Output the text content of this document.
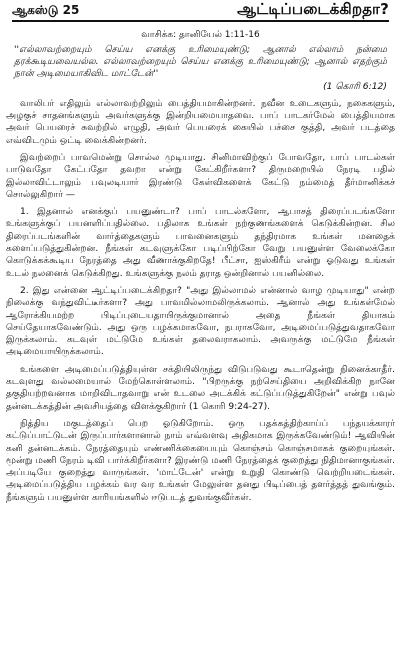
ஆகஸ்டு 25	ஆட்டிப்படைக்கிறதா?
வாசிக்க: தானியேல் 1:11-16
''எல்லாவற்றையும் செய்ய எனக்கு உரிமையுண்டு; ஆனால் எல்லாம் நன்மை தரக்கூடியவையல்ல. எல்லாவற்றையும் செய்ய எனக்கு உரிமையுண்டு; ஆனால் எதற்கும் நான் அடிமையாகிவிட மாட்டேன்''
(1 கொரி 6:12)

வாலிபர் எதிலும் எல்லாவற்றிலும் பைத்தியமாகின்றனர். நவீன உடைகளும், நகைகளும், அழகுச் சாதனங்களும் அவர்களுக்கு இன்றியமையாதவை. பாப் பாடகர்மேல் பைத்தியமாக அவர் பெயரைச் சுவற்றில் எழுதி, அவர் பெயரைக் கையில் பச்சை குத்தி, அவர் படத்தை எவ்விடமும் ஒட்டி வைக்கின்றனர்.

இவற்றைப் பாவமென்று சொல்ல முடியாது. சினிமாவிற்குப் போவதோ, பாப் பாடல்கள் பாடுவதோ கேட்பதோ தவறா என்று கேட்கிறீர்களா? திருமறையில் நேரடி பதில் இல்லாவிட்டாலும் பவுலடியார் இரண்டு கேள்விகளைக் கேட்டு நம்மைத் தீர்மானிக்கச் சொல்லுகிறார் —

1. இதனால் எனக்குப் பயனுண்டா? பாப் பாடல்களோ, ஆபாசத் திரைப்படங்களோ உங்களுக்குப் பயனளிப்பதில்லை. பதிலாக உங்கள் நற்குணங்களைக் கெடுக்கின்றன. சில திரைப்படங்களின் வார்த்தைகளும் பாவனைகளும் தந்திரமாக உங்கள் மனதைக் களைப்படுத்துகின்றன. நீங்கள் கடவுளுக்கோ படிப்பிற்கோ வேறு பயனுள்ள வேலைக்கோ கொடுக்கக்கூடிய நேரத்தை அது வீணாக்குகிறதே! பீட்சா, ஐஸ்கிரீம் என்று ஓடுவது உங்கள் உடல் நலனைக் கெடுக்கிறது. உங்களுக்கு நலம் தராத ஒன்றினால் பயனில்லை.

2. இது என்னை ஆட்டிப்படைக்கிறதா? "அது இல்லாமல் என்னால் வாழ முடியாது" என்ற நிலைக்கு வந்துவிட்டீர்களா? அது பாவமில்லாமலிருக்கலாம். ஆனால் அது உங்கள்மேல் ஆரோக்கியமற்ற பிடிப்புடையதாயிருக்குமானால் அதை நீங்கள் தியாகம் செய்தேயாகவேண்டும். அது ஒரு பழக்கமாகவோ, நபராகவோ, அடிமைப்படுத்துவதாகவோ இருக்கலாம். கடவுள் மட்டுமே உங்கள் தலைவராகலாம். அவருக்கு மட்டுமே நீங்கள் அடிமையாயிருக்கலாம்.

உங்களை அடிமைப்படுத்தியுள்ள சக்தியிலிருந்து விடுபடுவது கூடாதென்று நினைக்காதீர். கடவுளது வல்லமையால் மேற்கொள்ளலாம். "பிறருக்கு நற்செய்தியை அறிவிக்கிற நானே தகுதியற்றவனாக மாறிவிடாதவாறு என் உடலை அடக்கிக் கட்டுப்படுத்துகிறேன்" என்று பவுல் தன்னடக்கத்தின் அவசியத்தை விளக்குகிறார் (1 கொரி 9:24-27).

நித்திய மகுடத்தைப் பெற ஓடுகிறோம். ஒரு பதக்கத்திற்காய்ப் பந்தயக்காரர் கட்டுப்பாட்டுடன் இருப்பார்களானால் நாம் எவ்வளவு அதிகமாக இருக்கவேண்டும்! ஆவியின் கனி தன்னடக்கம். நேரத்தையும் எண்ணிக்கையையும் கொஞ்சம் கொஞ்சமாகக் குறையுங்கள். மூன்று மணி நேரம் டிவி பார்க்கிறீர்களா? இரண்டு மணி நேரத்தைக் குறைத்து நிதிமானாகுங்கள். அப்படியே குறைத்து வாருங்கள். 'மாட்டேன்' என்று உறுதி கொண்டு வெற்றியடைங்கள். அடிமைப்படுத்திய பழக்கம் வர வர உங்கள் மேலுள்ள தனது பிடிப்பைத் தளர்த்தத் துவங்கும். நீங்களும் பயனுள்ள காரியங்களில் ஈடுபடத் துவங்குவீர்கள்.
